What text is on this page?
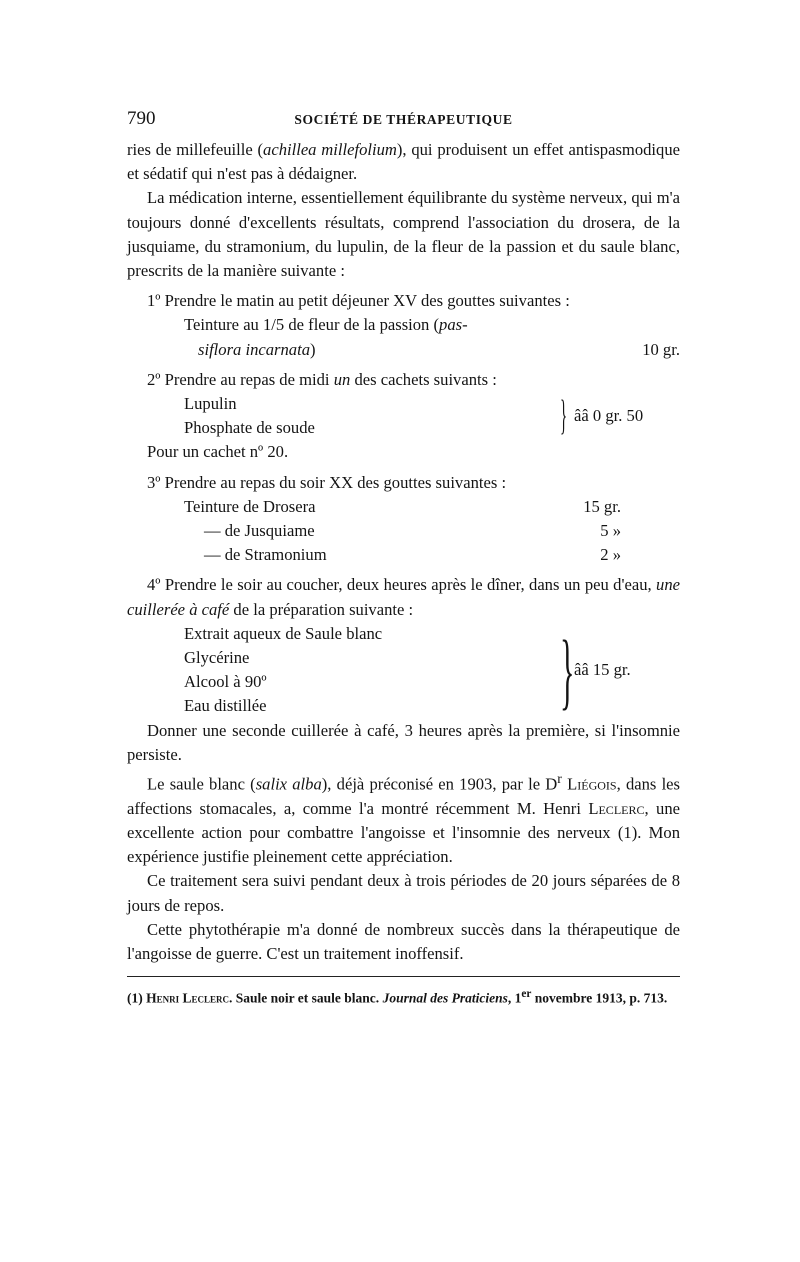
790	SOCIÉTÉ DE THÉRAPEUTIQUE

ries de millefeuille (achillea millefolium), qui produisent un effet antispasmodique et sédatif qui n'est pas à dédaigner.

La médication interne, essentiellement équilibrante du système nerveux, qui m'a toujours donné d'excellents résultats, comprend l'association du drosera, de la jusquiame, du stramonium, du lupulin, de la fleur de la passion et du saule blanc, prescrits de la manière suivante :

1º Prendre le matin au petit déjeuner XV des gouttes suivantes :

Teinture au 1/5 de fleur de la passion (pas-
siflora incarnata)	10 gr.

2º Prendre au repas de midi un des cachets suivants :

Lupulin
Phosphate de soude	} ââ 0 gr. 50

Pour un cachet nº 20.

3º Prendre au repas du soir XX des gouttes suivantes :

Teinture de Drosera	15 gr.
— de Jusquiame	5 »
— de Stramonium	2 »

4º Prendre le soir au coucher, deux heures après le dîner, dans un peu d'eau, une cuillerée à café de la préparation suivante :

Extrait aqueux de Saule blanc
Glycérine
Alcool à 90º
Eau distillée	} ââ 15 gr.

Donner une seconde cuillerée à café, 3 heures après la première, si l'insomnie persiste.

Le saule blanc (salix alba), déjà préconisé en 1903, par le $D^r$ Liégois, dans les affections stomacales, a, comme l'a montré récemment M. Henri Leclerc, une excellente action pour combattre l'angoisse et l'insomnie des nerveux (1). Mon expérience justifie pleinement cette appréciation.

Ce traitement sera suivi pendant deux à trois périodes de 20 jours séparées de 8 jours de repos.

Cette phytothérapie m'a donné de nombreux succès dans la thérapeutique de l'angoisse de guerre. C'est un traitement inoffensif.

(1) Henri Leclerc. Saule noir et saule blanc. Journal des Praticiens, 1er novembre 1913, p. 713.
